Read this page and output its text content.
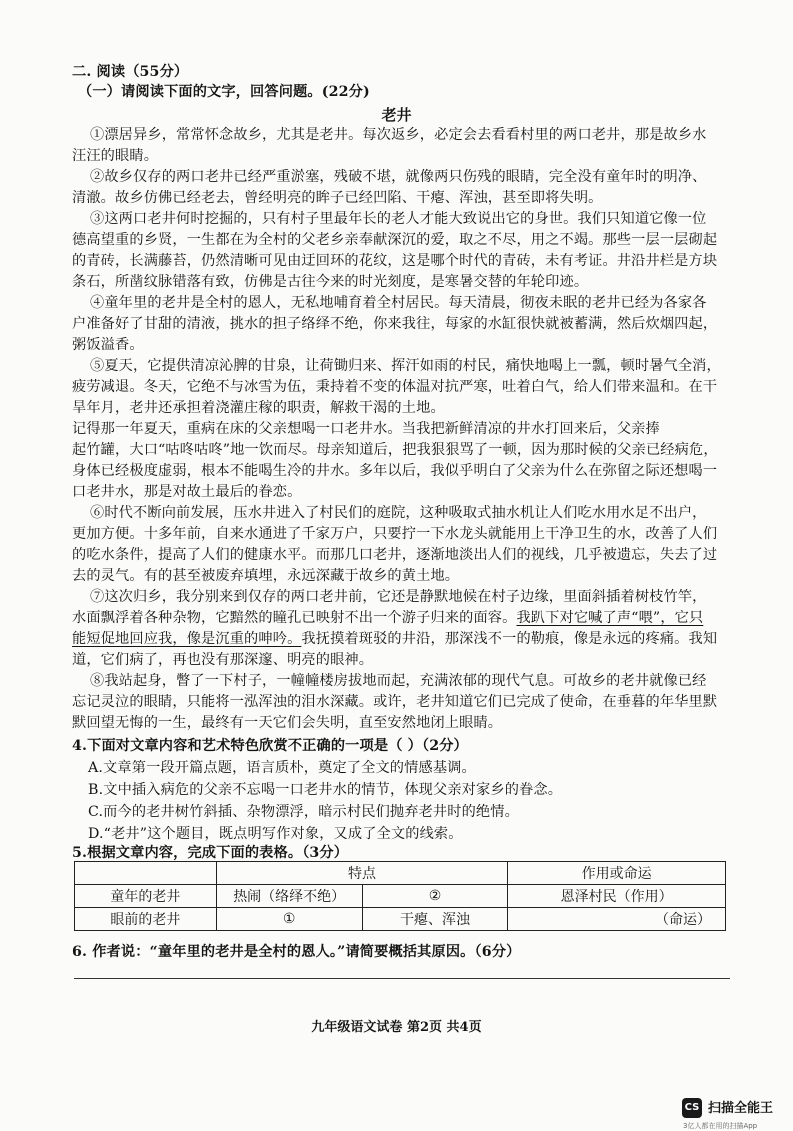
二. 阅读（55分）
（一）请阅读下面的文字，回答问题。(22分)
老井
①漂居异乡，常常怀念故乡，尤其是老井。每次返乡，必定会去看看村里的两口老井，那是故乡水
汪汪的眼睛。
②故乡仅存的两口老井已经严重淤塞，残破不堪，就像两只伤残的眼睛，完全没有童年时的明净、
清澈。故乡仿佛已经老去，曾经明亮的眸子已经凹陷、干瘪、浑浊，甚至即将失明。
③这两口老井何时挖掘的，只有村子里最年长的老人才能大致说出它的身世。我们只知道它像一位
德高望重的乡贤，一生都在为全村的父老乡亲奉献深沉的爱，取之不尽，用之不竭。那些一层一层砌起
的青砖，长满藤苔，仍然清晰可见由迂回环的花纹，这是哪个时代的青砖，未有考证。井沿井栏是方块
条石，所凿纹脉错落有致，仿佛是古往今来的时光刻度，是寒暑交替的年轮印迹。
④童年里的老井是全村的恩人，无私地哺育着全村居民。每天清晨，彻夜未眠的老井已经为各家各
户准备好了甘甜的清液，挑水的担子络绎不绝，你来我往，每家的水缸很快就被蓄满，然后炊烟四起，
粥饭溢香。
⑤夏天，它提供清凉沁脾的甘泉，让荷锄归来、挥汗如雨的村民，痛快地喝上一瓢，顿时暑气全消，
疲劳减退。冬天，它绝不与冰雪为伍，秉持着不变的体温对抗严寒，吐着白气，给人们带来温和。在干
旱年月，老井还承担着浇灌庄稼的职责，解救干渴的土地。
记得那一年夏天，重病在床的父亲想喝一口老井水。当我把新鲜清凉的井水打回来后，父亲捧
起竹罐，大口“咕咚咕咚”地一饮而尽。母亲知道后，把我狠狠骂了一顿，因为那时候的父亲已经病危，
身体已经极度虚弱，根本不能喝生冷的井水。多年以后，我似乎明白了父亲为什么在弥留之际还想喝一
口老井水，那是对故土最后的眷恋。
⑥时代不断向前发展，压水井进入了村民们的庭院，这种吸取式抽水机让人们吃水用水足不出户，
更加方便。十多年前，自来水通进了千家万户，只要拧一下水龙头就能用上干净卫生的水，改善了人们
的吃水条件，提高了人们的健康水平。而那几口老井，逐渐地淡出人们的视线，几乎被遗忘，失去了过
去的灵气。有的甚至被废弃填埋，永远深藏于故乡的黄土地。
⑦这次归乡，我分别来到仅存的两口老井前，它还是静默地候在村子边缘，里面斜插着树枝竹竿，
水面飘浮着各种杂物，它黯然的瞳孔已映射不出一个游子归来的面容。我趴下对它喊了声“喂”，它只
能短促地回应我，像是沉重的呻吟。我抚摸着斑驳的井沿，那深浅不一的勒痕，像是永远的疼痛。我知
道，它们病了，再也没有那深邃、明亮的眼神。
⑧我站起身，瞥了一下村子，一幢幢楼房拔地而起，充满浓郁的现代气息。可故乡的老井就像已经
忘记灵泣的眼睛，只能将一泓浑浊的泪水深藏。或许，老井知道它们已完成了使命，在垂暮的年华里默
默回望无悔的一生，最终有一天它们会失明，直至安然地闭上眼睛。
4.下面对文章内容和艺术特色欣赏不正确的一项是（ ）（2分）
A.文章第一段开篇点题，语言质朴，奠定了全文的情感基调。
B.文中插入病危的父亲不忘喝一口老井水的情节，体现父亲对家乡的眷念。
C.而今的老井树竹斜插、杂物漂浮，暗示村民们抛弃老井时的绝情。
D.“老井”这个题目，既点明写作对象，又成了全文的线索。
5.根据文章内容，完成下面的表格。（3分）
	特点		作用或命运
童年的老井	热闹（络绎不绝）	②	恩泽村民（作用）
眼前的老井	①	干瘪、浑浊	（命运）
6. 作者说：“童年里的老井是全村的恩人。”请简要概括其原因。（6分）
九年级语文试卷 第2页 共4页
CS 扫描全能王
3亿人都在用的扫描App
